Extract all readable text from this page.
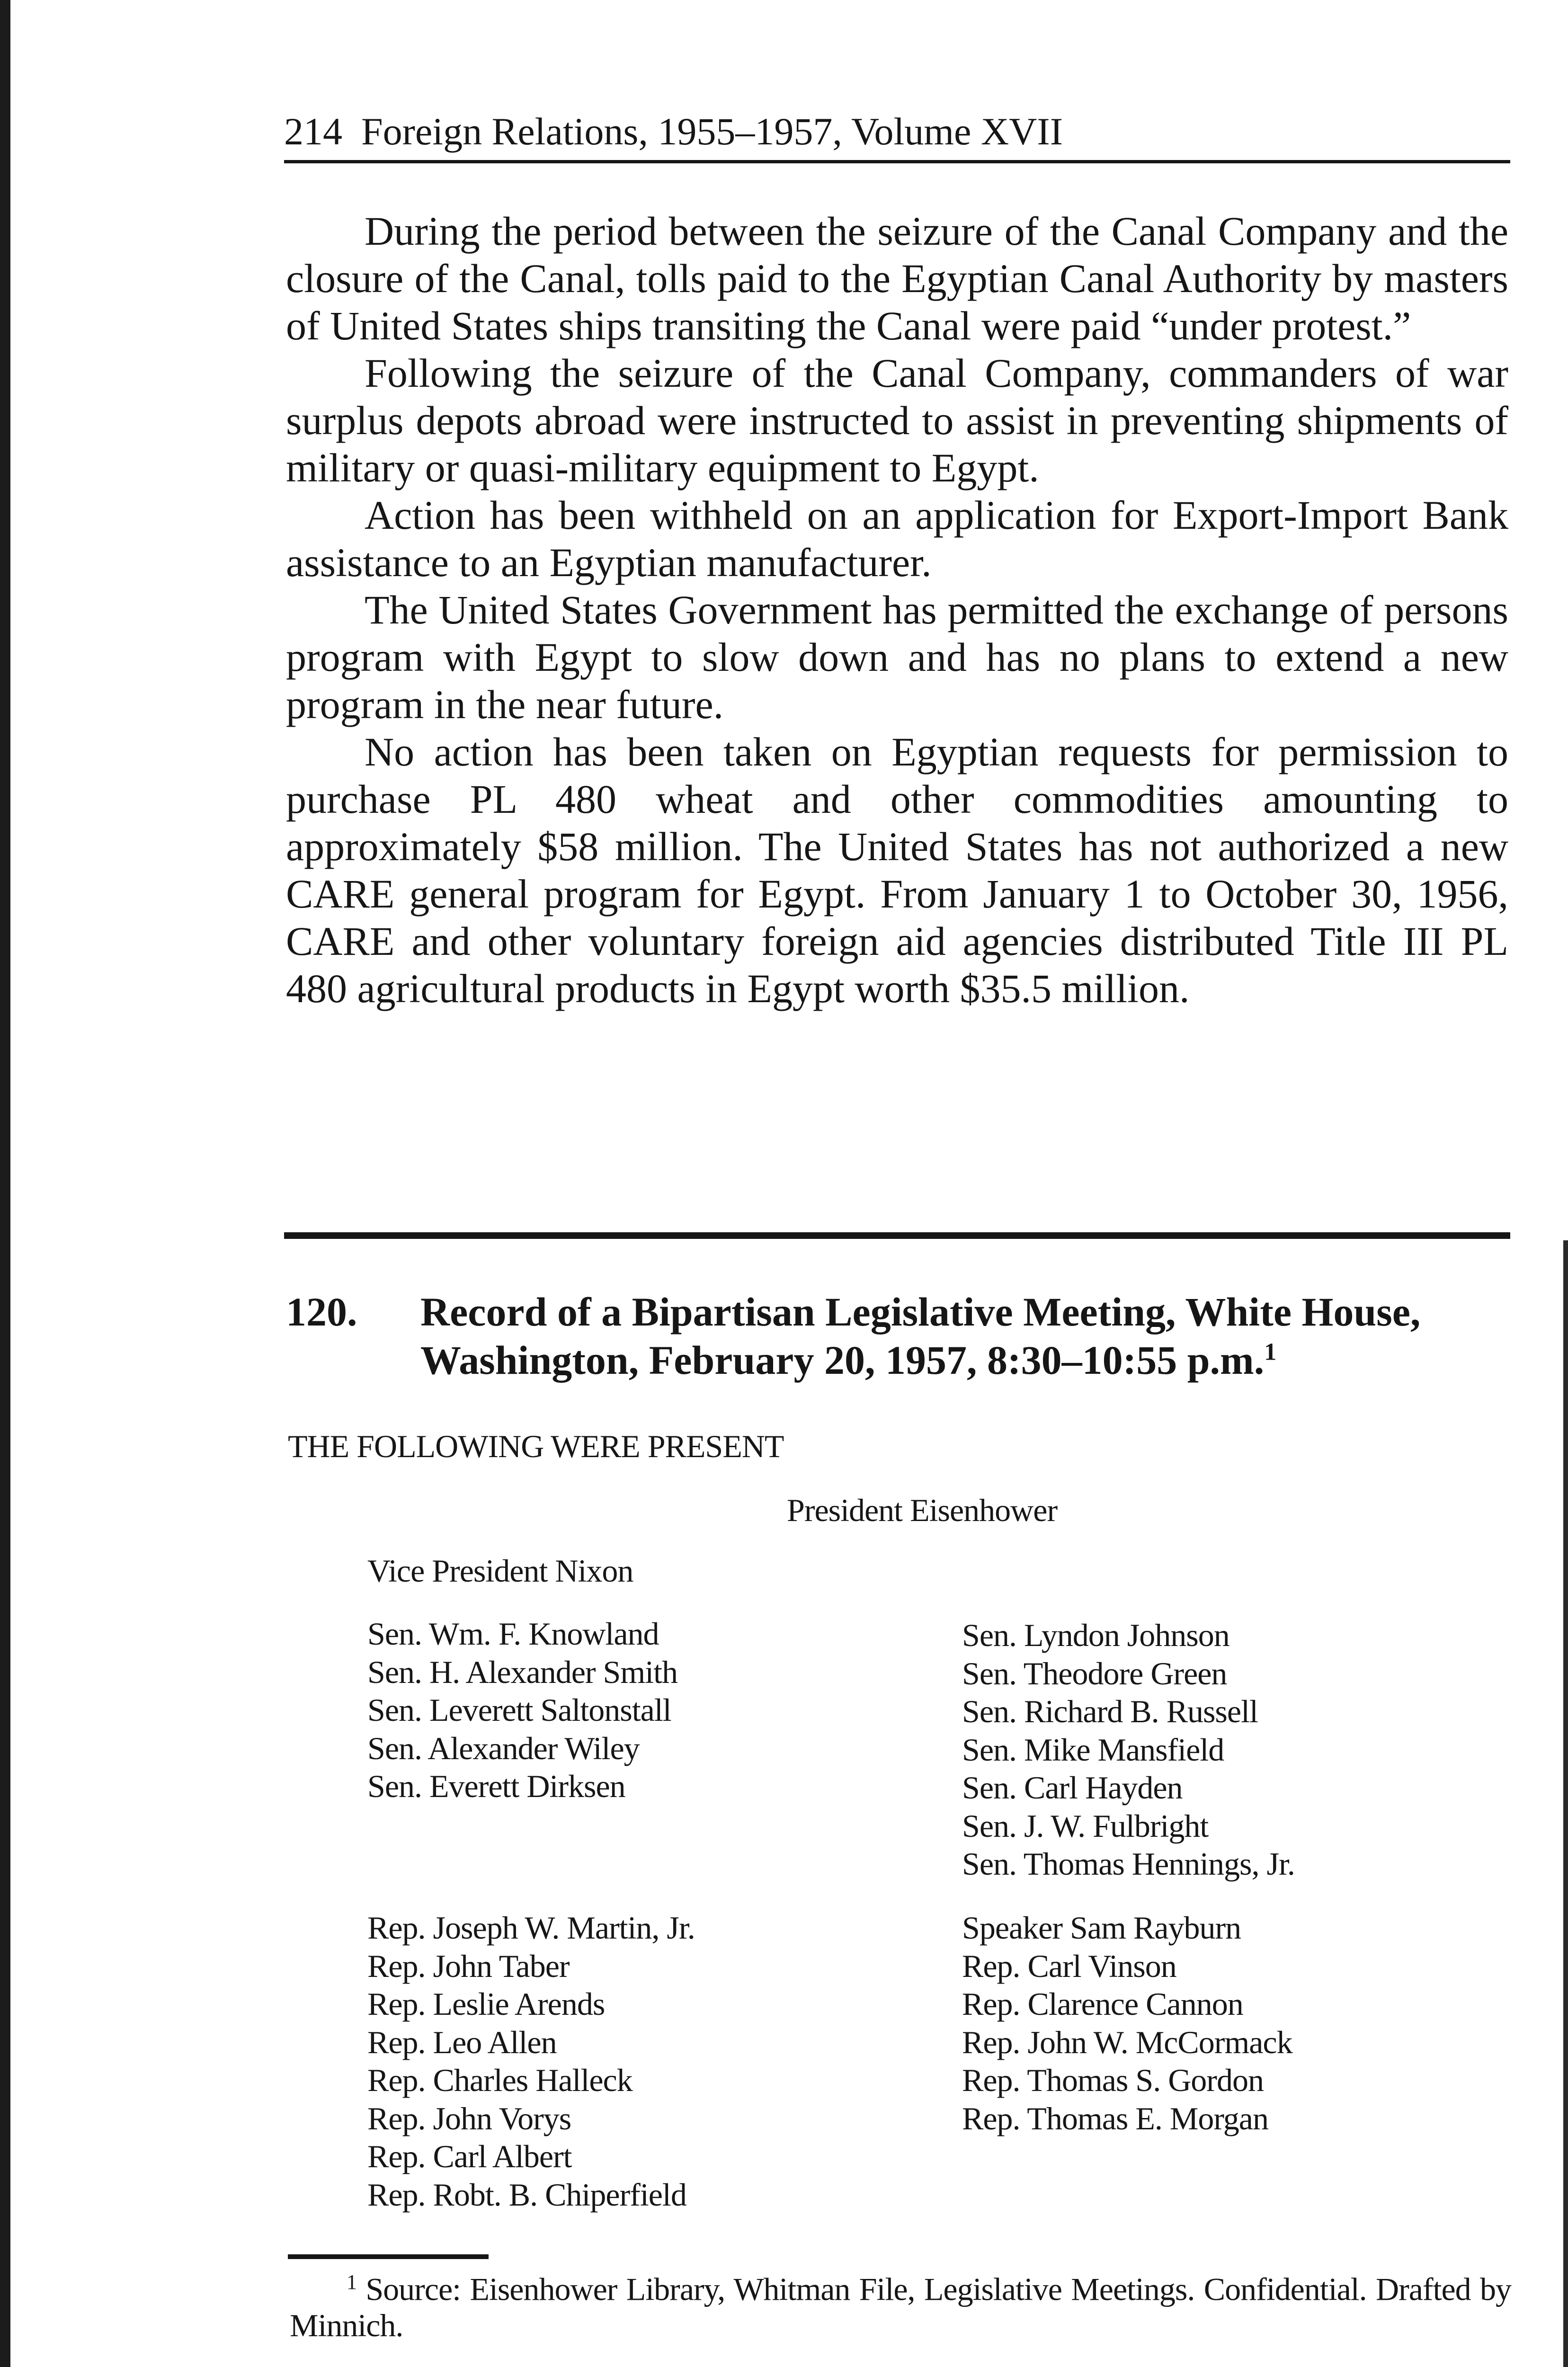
214 Foreign Relations, 1955–1957, Volume XVII

During the period between the seizure of the Canal Company and the closure of the Canal, tolls paid to the Egyptian Canal Authority by masters of United States ships transiting the Canal were paid “under protest.”

Following the seizure of the Canal Company, commanders of war surplus depots abroad were instructed to assist in preventing shipments of military or quasi-military equipment to Egypt.

Action has been withheld on an application for Export-Import Bank assistance to an Egyptian manufacturer.

The United States Government has permitted the exchange of persons program with Egypt to slow down and has no plans to extend a new program in the near future.

No action has been taken on Egyptian requests for permission to purchase PL 480 wheat and other commodities amounting to approximately $58 million. The United States has not authorized a new CARE general program for Egypt. From January 1 to October 30, 1956, CARE and other voluntary foreign aid agencies distributed Title III PL 480 agricultural products in Egypt worth $35.5 million.

120. Record of a Bipartisan Legislative Meeting, White House, Washington, February 20, 1957, 8:30–10:55 p.m.$^1$
THE FOLLOWING WERE PRESENT
President Eisenhower
Vice President Nixon
Sen. Wm. F. Knowland
Sen. H. Alexander Smith
Sen. Leverett Saltonstall
Sen. Alexander Wiley
Sen. Everett Dirksen
Sen. Lyndon Johnson
Sen. Theodore Green
Sen. Richard B. Russell
Sen. Mike Mansfield
Sen. Carl Hayden
Sen. J. W. Fulbright
Sen. Thomas Hennings, Jr.
Rep. Joseph W. Martin, Jr.
Rep. John Taber
Rep. Leslie Arends
Rep. Leo Allen
Rep. Charles Halleck
Rep. John Vorys
Rep. Carl Albert
Rep. Robt. B. Chiperfield
Speaker Sam Rayburn
Rep. Carl Vinson
Rep. Clarence Cannon
Rep. John W. McCormack
Rep. Thomas S. Gordon
Rep. Thomas E. Morgan
$^1$ Source: Eisenhower Library, Whitman File, Legislative Meetings. Confidential. Drafted by Minnich.
